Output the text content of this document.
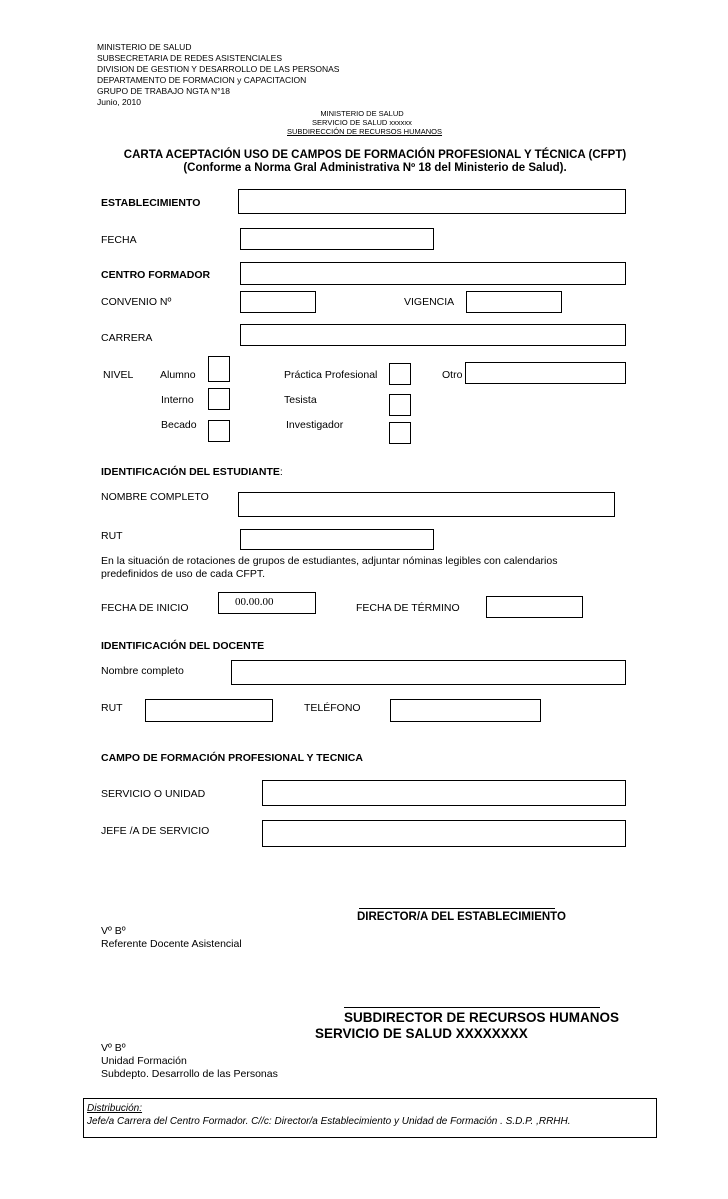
MINISTERIO DE SALUD
SUBSECRETARIA DE REDES ASISTENCIALES
DIVISION DE GESTION Y DESARROLLO DE LAS PERSONAS
DEPARTAMENTO DE FORMACION y CAPACITACION
GRUPO DE TRABAJO NGTA N°18
Junio, 2010
MINISTERIO DE SALUD
SERVICIO DE SALUD xxxxxx
SUBDIRECCIÓN DE RECURSOS HUMANOS
CARTA ACEPTACIÓN USO DE CAMPOS DE FORMACIÓN PROFESIONAL Y TÉCNICA (CFPT)
(Conforme a Norma Gral Administrativa Nº 18 del Ministerio de Salud).
ESTABLECIMIENTO
FECHA
CENTRO FORMADOR
CONVENIO Nº	VIGENCIA
CARRERA
NIVEL	Alumno	Práctica Profesional	Otro
Interno	Tesista
Becado	Investigador
IDENTIFICACIÓN DEL ESTUDIANTE:
NOMBRE COMPLETO
RUT
En la situación de rotaciones de grupos de estudiantes, adjuntar nóminas legibles con calendarios
predefinidos de uso de cada CFPT.
FECHA DE INICIO	00.00.00	FECHA DE TÉRMINO
IDENTIFICACIÓN DEL DOCENTE
Nombre completo
RUT	TELÉFONO
CAMPO DE FORMACIÓN PROFESIONAL Y TECNICA
SERVICIO O UNIDAD
JEFE /A DE SERVICIO
DIRECTOR/A DEL ESTABLECIMIENTO
Vº Bº
Referente Docente Asistencial
SUBDIRECTOR DE RECURSOS HUMANOS
SERVICIO DE SALUD XXXXXXXX
Vº Bº
Unidad Formación
Subdepto. Desarrollo de las Personas
Distribución:
Jefe/a Carrera del Centro Formador. C//c: Director/a Establecimiento y Unidad de Formación . S.D.P. ,RRHH.
